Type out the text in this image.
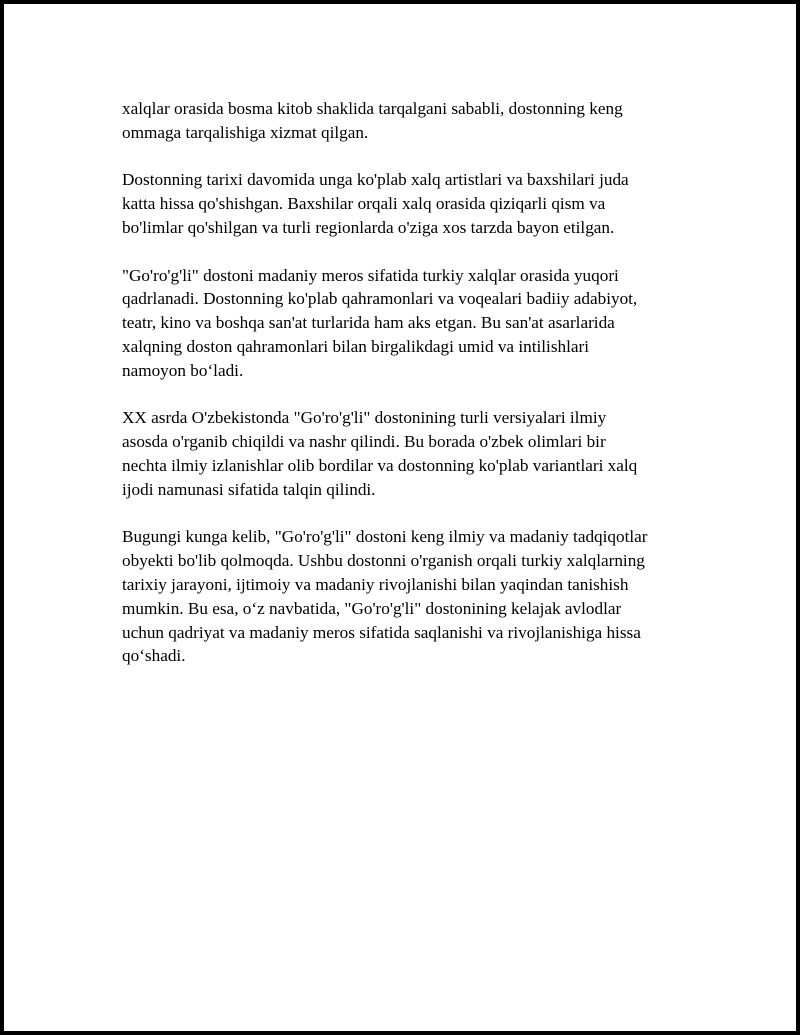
xalqlar orasida bosma kitob shaklida tarqalgani sababli, dostonning keng
ommaga tarqalishiga xizmat qilgan.

Dostonning tarixi davomida unga ko'plab xalq artistlari va baxshilari juda
katta hissa qo'shishgan. Baxshilar orqali xalq orasida qiziqarli qism va
bo'limlar qo'shilgan va turli regionlarda o'ziga xos tarzda bayon etilgan.

"Go'ro'g'li" dostoni madaniy meros sifatida turkiy xalqlar orasida yuqori
qadrlanadi. Dostonning ko'plab qahramonlari va voqealari badiiy adabiyot,
teatr, kino va boshqa san'at turlarida ham aks etgan. Bu san'at asarlarida
xalqning doston qahramonlari bilan birgalikdagi umid va intilishlari
namoyon bo‘ladi.

XX asrda O'zbekistonda "Go'ro'g'li" dostonining turli versiyalari ilmiy
asosda o'rganib chiqildi va nashr qilindi. Bu borada o'zbek olimlari bir
nechta ilmiy izlanishlar olib bordilar va dostonning ko'plab variantlari xalq
ijodi namunasi sifatida talqin qilindi.

Bugungi kunga kelib, "Go'ro'g'li" dostoni keng ilmiy va madaniy tadqiqotlar
obyekti bo'lib qolmoqda. Ushbu dostonni o'rganish orqali turkiy xalqlarning
tarixiy jarayoni, ijtimoiy va madaniy rivojlanishi bilan yaqindan tanishish
mumkin. Bu esa, o‘z navbatida, "Go'ro'g'li" dostonining kelajak avlodlar
uchun qadriyat va madaniy meros sifatida saqlanishi va rivojlanishiga hissa
qo‘shadi.
